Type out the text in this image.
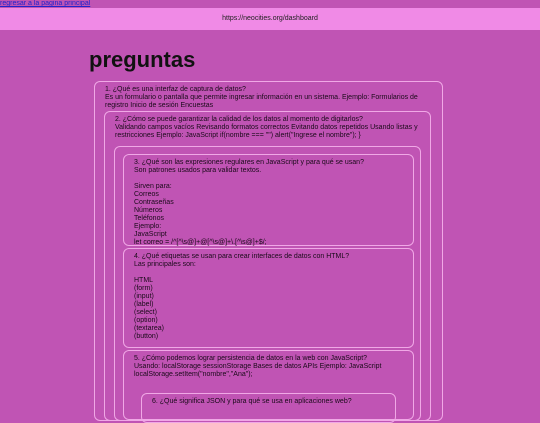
regresar a la pagina principal
https://neocities.org/dashboard
preguntas

1. ¿Qué es una interfaz de captura de datos?

Es un formulario o pantalla que permite ingresar información en un sistema. Ejemplo: Formularios de registro Inicio de sesión Encuestas

2. ¿Cómo se puede garantizar la calidad de los datos al momento de digitarlos?

Validando campos vacíos Revisando formatos correctos Evitando datos repetidos Usando listas y restricciones Ejemplo: JavaScript if(nombre === "") alert("Ingrese el nombre"); }

3. ¿Qué son las expresiones regulares en JavaScript y para qué se usan?

Son patrones usados para validar textos.

Sirven para:

Correos

Contraseñas

Números

Teléfonos

Ejemplo:

JavaScript

let correo = /^[^\s@]+@[^\s@]+\.[^\s@]+$/;

4. ¿Qué etiquetas se usan para crear interfaces de datos con HTML?

Las principales son:

HTML

(form)

(input)

(label)

(select)

(option)

(textarea)

(button)

5. ¿Cómo podemos lograr persistencia de datos en la web con JavaScript?

Usando: localStorage sessionStorage Bases de datos APIs Ejemplo: JavaScript localStorage.setItem("nombre","Ana");

6. ¿Qué significa JSON y para qué se usa en aplicaciones web?
